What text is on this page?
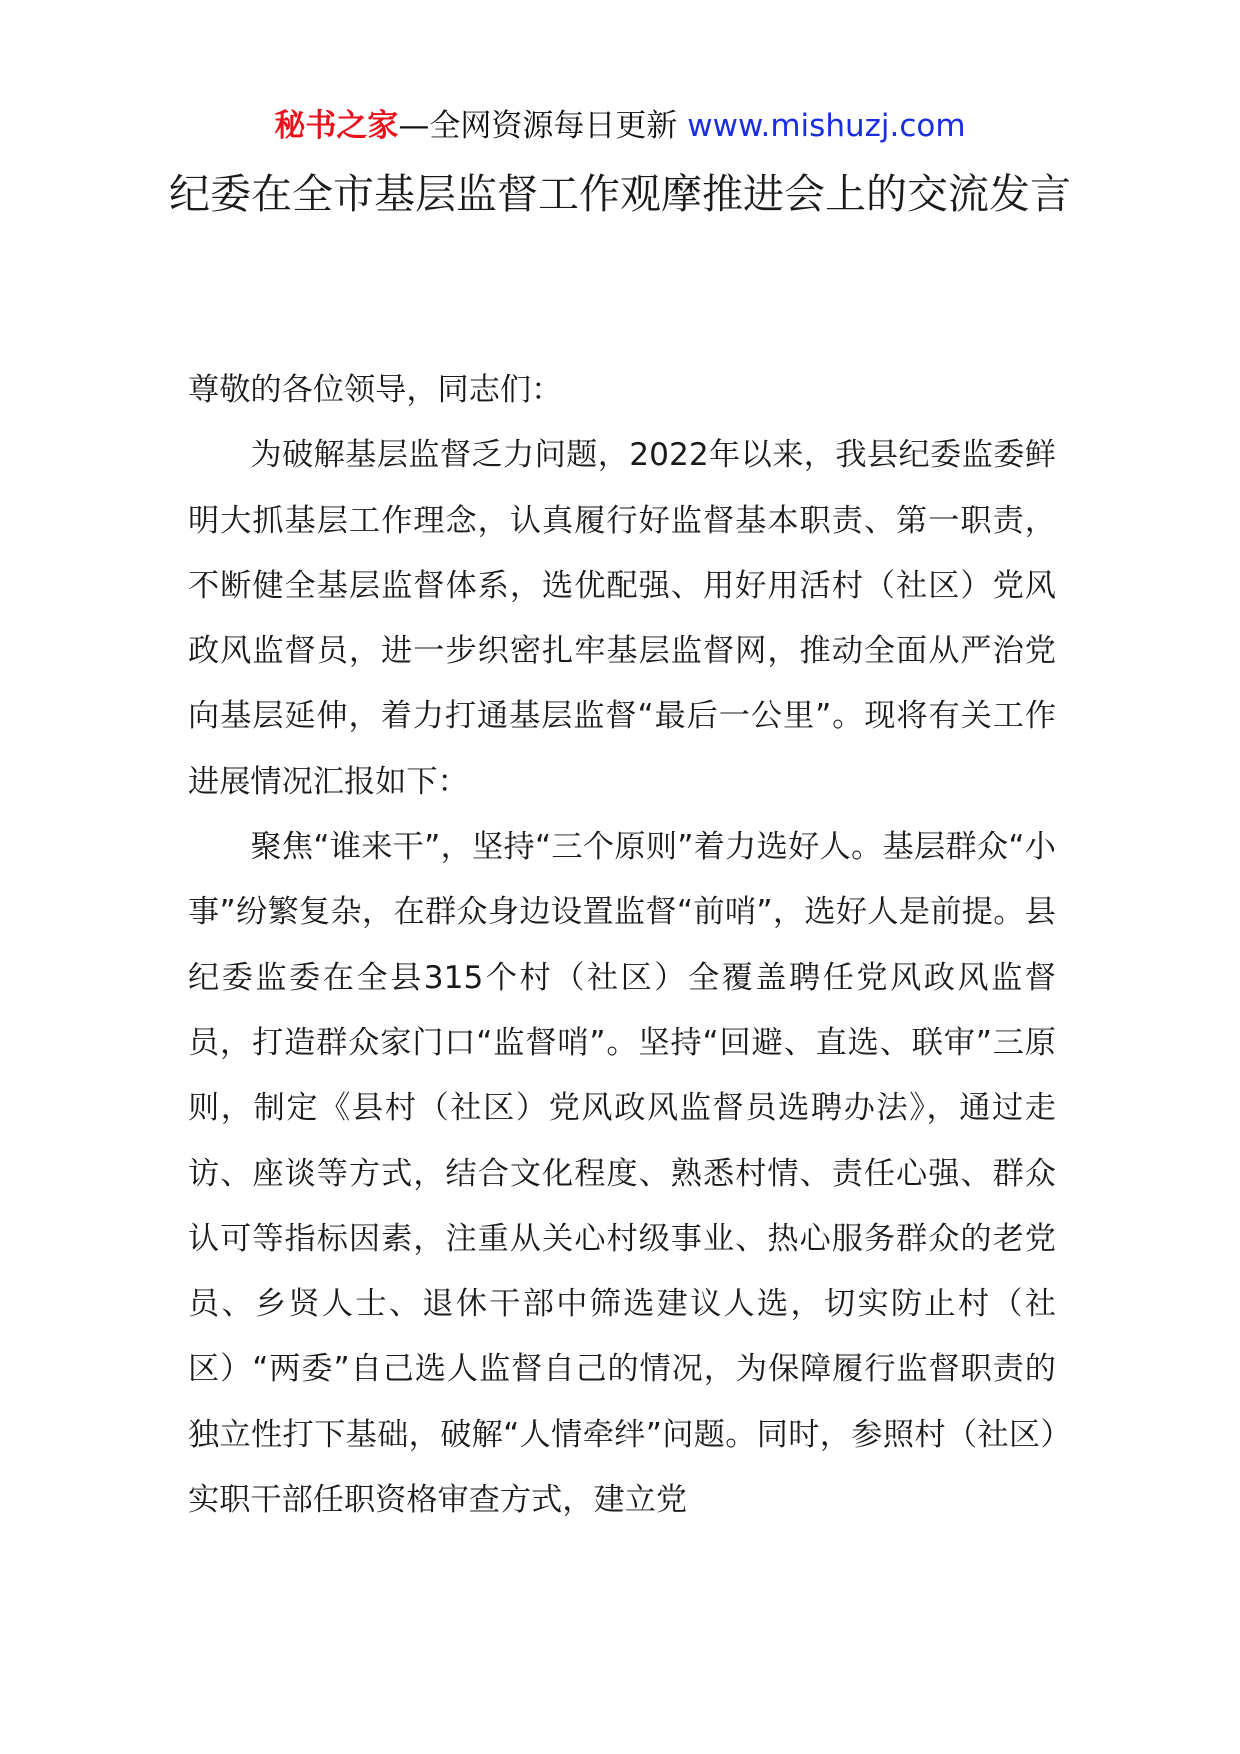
秘书之家—全网资源每日更新 www.mishuzj.com
纪委在全市基层监督工作观摩推进会上的交流发言

尊敬的各位领导，同志们：

为破解基层监督乏力问题，2022年以来，我县纪委监委鲜明大抓基层工作理念，认真履行好监督基本职责、第一职责，不断健全基层监督体系，选优配强、用好用活村（社区）党风政风监督员，进一步织密扎牢基层监督网，推动全面从严治党向基层延伸，着力打通基层监督“最后一公里”。现将有关工作进展情况汇报如下：

聚焦“谁来干”，坚持“三个原则”着力选好人。基层群众“小事”纷繁复杂，在群众身边设置监督“前哨”，选好人是前提。县纪委监委在全县315个村（社区）全覆盖聘任党风政风监督员，打造群众家门口“监督哨”。坚持“回避、直选、联审”三原则，制定《县村（社区）党风政风监督员选聘办法》，通过走访、座谈等方式，结合文化程度、熟悉村情、责任心强、群众认可等指标因素，注重从关心村级事业、热心服务群众的老党员、乡贤人士、退休干部中筛选建议人选，切实防止村（社区）“两委”自己选人监督自己的情况，为保障履行监督职责的独立性打下基础，破解“人情牵绊”问题。同时，参照村（社区）实职干部任职资格审查方式，建立党
